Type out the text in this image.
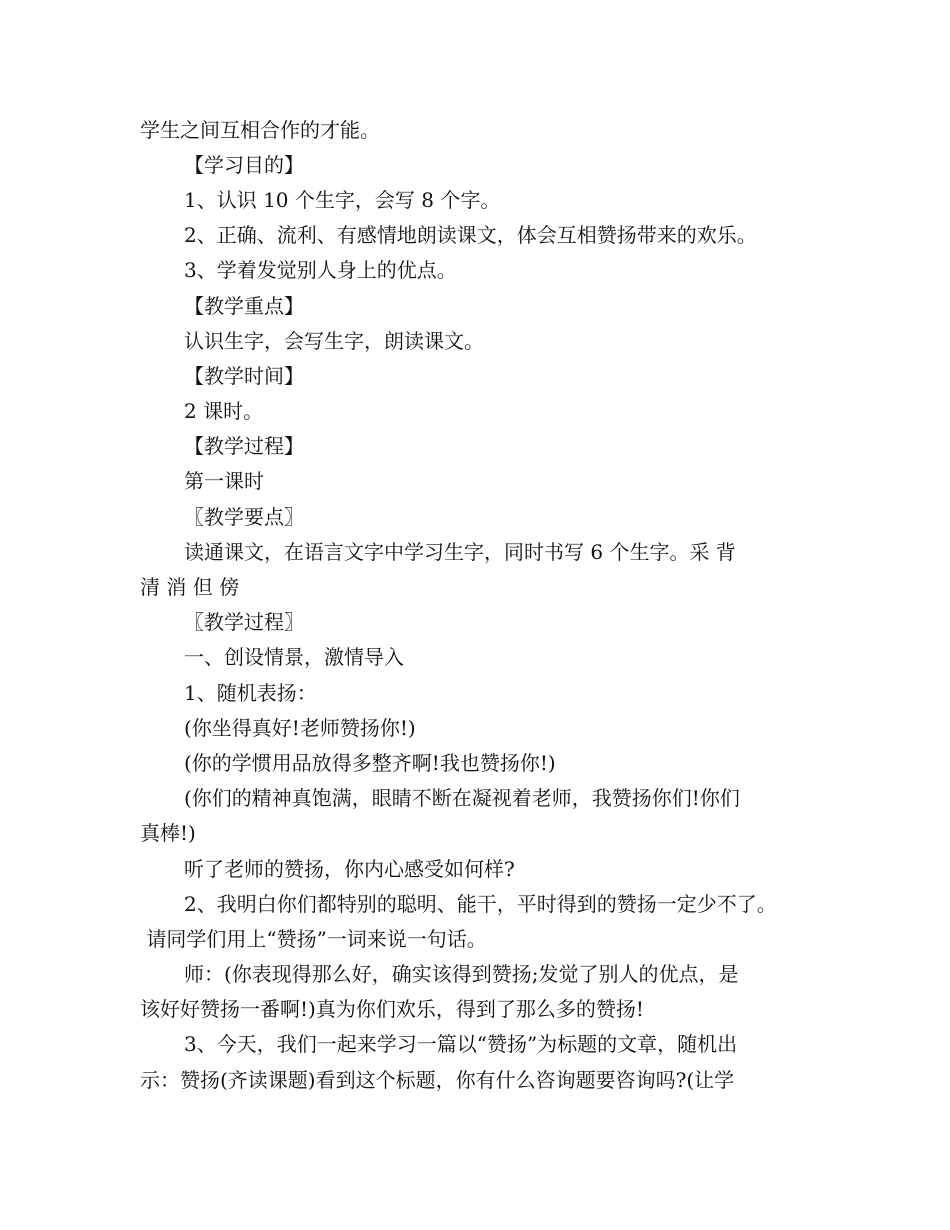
学生之间互相合作的才能。
【学习目的】
1、认识 10 个生字，会写 8 个字。
2、正确、流利、有感情地朗读课文，体会互相赞扬带来的欢乐。
3、学着发觉别人身上的优点。
【教学重点】
认识生字，会写生字，朗读课文。
【教学时间】
2 课时。
【教学过程】
第一课时
〖教学要点〗
读通课文，在语言文字中学习生字，同时书写 6 个生字。采 背
清 消 但 傍
〖教学过程〗
一、创设情景，激情导入
1、随机表扬：
(你坐得真好!老师赞扬你!)
(你的学惯用品放得多整齐啊!我也赞扬你!)
(你们的精神真饱满，眼睛不断在凝视着老师，我赞扬你们!你们
真棒!)
听了老师的赞扬，你内心感受如何样?
2、我明白你们都特别的聪明、能干，平时得到的赞扬一定少不了。
请同学们用上“赞扬”一词来说一句话。
师：(你表现得那么好，确实该得到赞扬;发觉了别人的优点，是
该好好赞扬一番啊!)真为你们欢乐，得到了那么多的赞扬!
3、今天，我们一起来学习一篇以“赞扬”为标题的文章，随机出
示：赞扬(齐读课题)看到这个标题，你有什么咨询题要咨询吗?(让学
